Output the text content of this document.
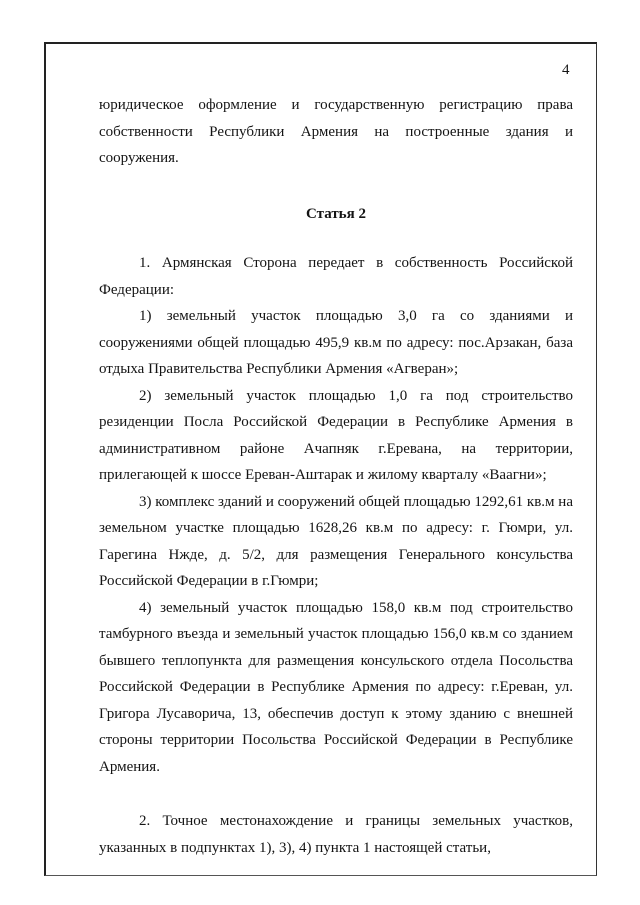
4

юридическое оформление и государственную регистрацию права собственности Республики Армения на построенные здания и сооружения.

Статья 2

1. Армянская Сторона передает в собственность Российской Федерации:

1) земельный участок площадью 3,0 га со зданиями и сооружениями общей площадью 495,9 кв.м по адресу: пос.Арзакан, база отдыха Правительства Республики Армения «Агверан»;

2) земельный участок площадью 1,0 га под строительство резиденции Посла Российской Федерации в Республике Армения в административном районе Ачапняк г.Еревана, на территории, прилегающей к шоссе Ереван-Аштарак и жилому кварталу «Ваагни»;

3) комплекс зданий и сооружений общей площадью 1292,61 кв.м на земельном участке площадью 1628,26 кв.м по адресу: г. Гюмри, ул. Гарегина Нжде, д. 5/2, для размещения Генерального консульства Российской Федерации в г.Гюмри;

4) земельный участок площадью 158,0 кв.м под строительство тамбурного въезда и земельный участок площадью 156,0 кв.м со зданием бывшего теплопункта для размещения консульского отдела Посольства Российской Федерации в Республике Армения по адресу: г.Ереван, ул. Григора Лусаворича, 13, обеспечив доступ к этому зданию с внешней стороны территории Посольства Российской Федерации в Республике Армения.

2. Точное местонахождение и границы земельных участков, указанных в подпунктах 1), 3), 4) пункта 1 настоящей статьи,
